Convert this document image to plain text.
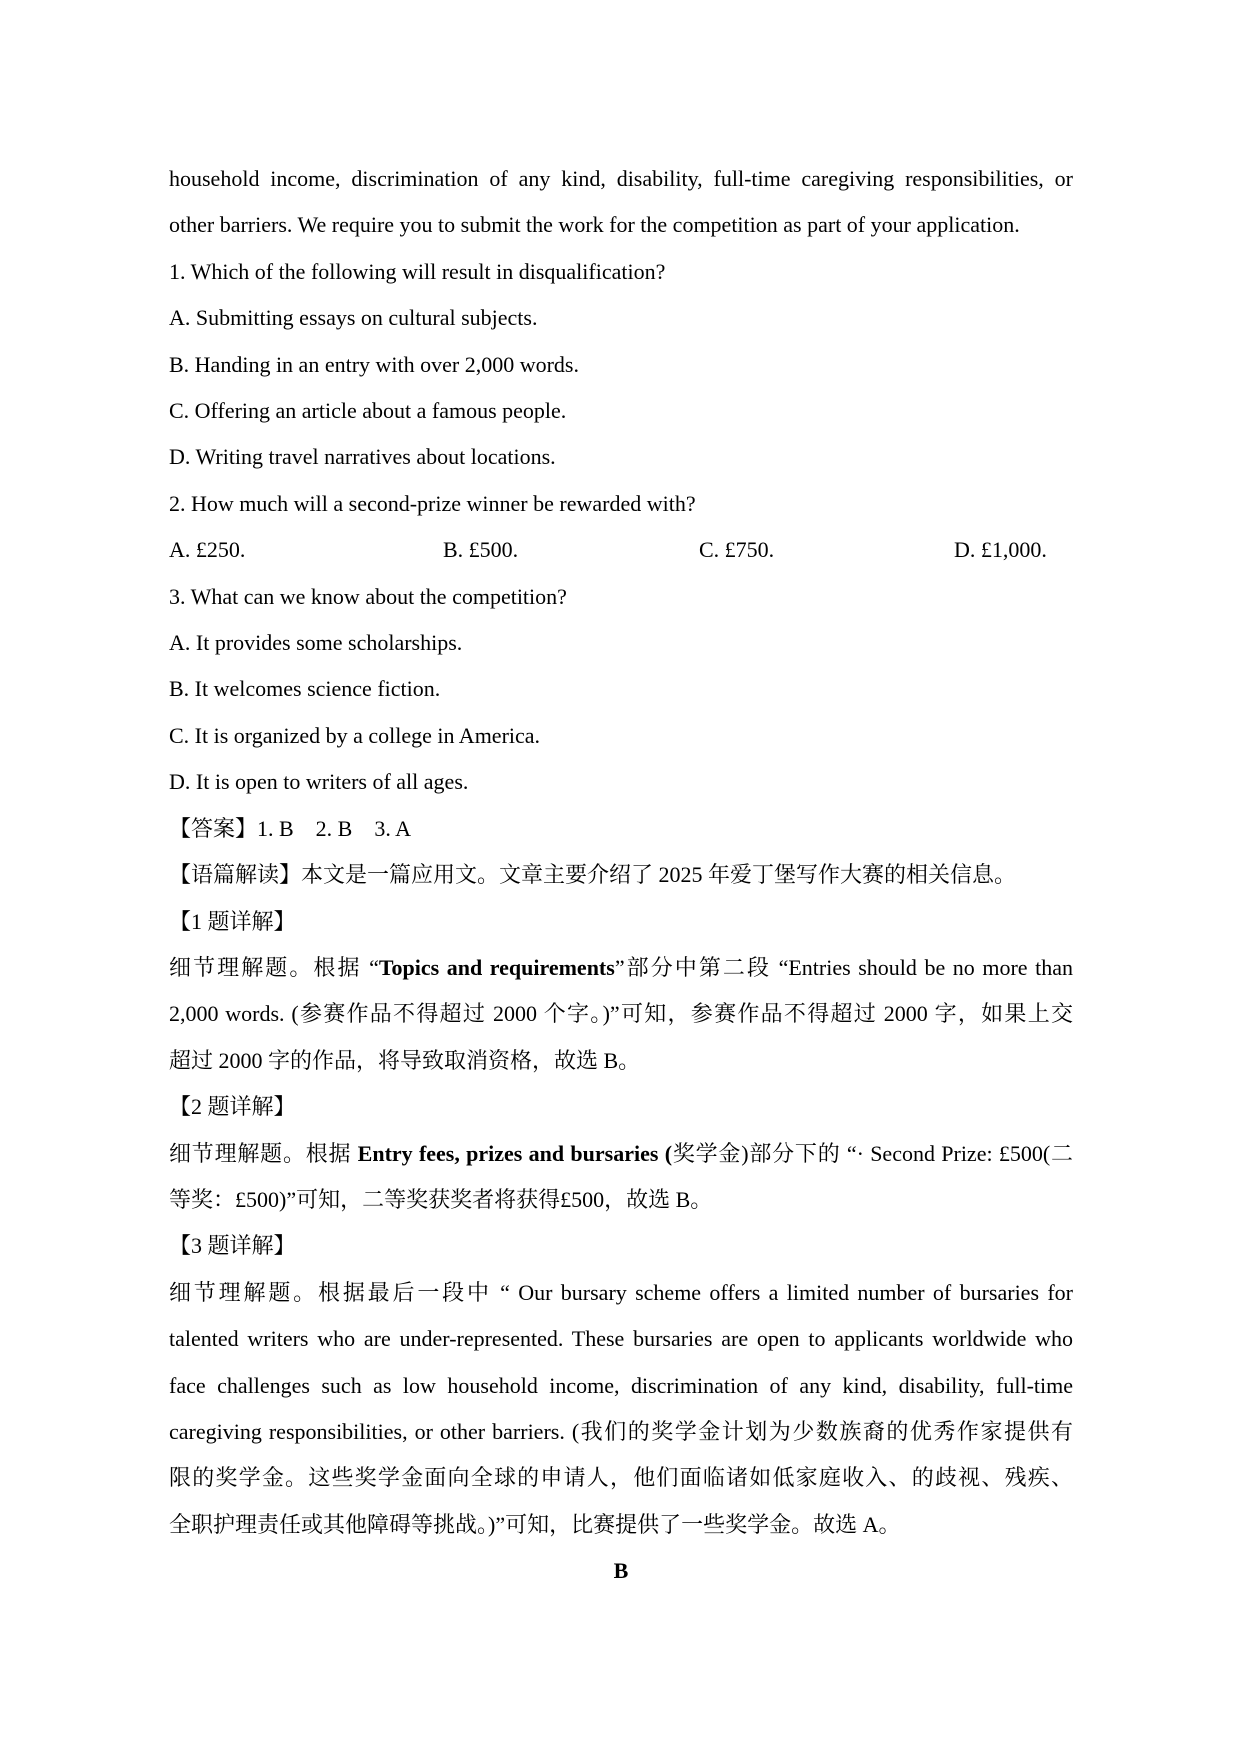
household income, discrimination of any kind, disability, full-time caregiving responsibilities, or
other barriers. We require you to submit the work for the competition as part of your application.
1. Which of the following will result in disqualification?
A. Submitting essays on cultural subjects.
B. Handing in an entry with over 2,000 words.
C. Offering an article about a famous people.
D. Writing travel narratives about locations.
2. How much will a second-prize winner be rewarded with?
A. £250.	B. £500.	C. £750.	D. £1,000.
3. What can we know about the competition?
A. It provides some scholarships.
B. It welcomes science fiction.
C. It is organized by a college in America.
D. It is open to writers of all ages.
【答案】1. B    2. B    3. A
【语篇解读】本文是一篇应用文。文章主要介绍了 2025 年爱丁堡写作大赛的相关信息。
【1 题详解】
细节理解题。根据 “Topics and requirements”部分中第二段 “Entries should be no more than
2,000 words. (参赛作品不得超过 2000 个字。)”可知，参赛作品不得超过 2000 字，如果上交
超过 2000 字的作品，将导致取消资格，故选 B。
【2 题详解】
细节理解题。根据 Entry fees, prizes and bursaries (奖学金)部分下的 “· Second Prize: £500(二
等奖：£500)”可知，二等奖获奖者将获得£500，故选 B。
【3 题详解】
细节理解题。根据最后一段中 “ Our bursary scheme offers a limited number of bursaries for
talented writers who are under-represented. These bursaries are open to applicants worldwide who
face challenges such as low household income, discrimination of any kind, disability, full-time
caregiving responsibilities, or other barriers. (我们的奖学金计划为少数族裔的优秀作家提供有
限的奖学金。这些奖学金面向全球的申请人，他们面临诸如低家庭收入、的歧视、残疾、
全职护理责任或其他障碍等挑战。)”可知，比赛提供了一些奖学金。故选 A。
B
